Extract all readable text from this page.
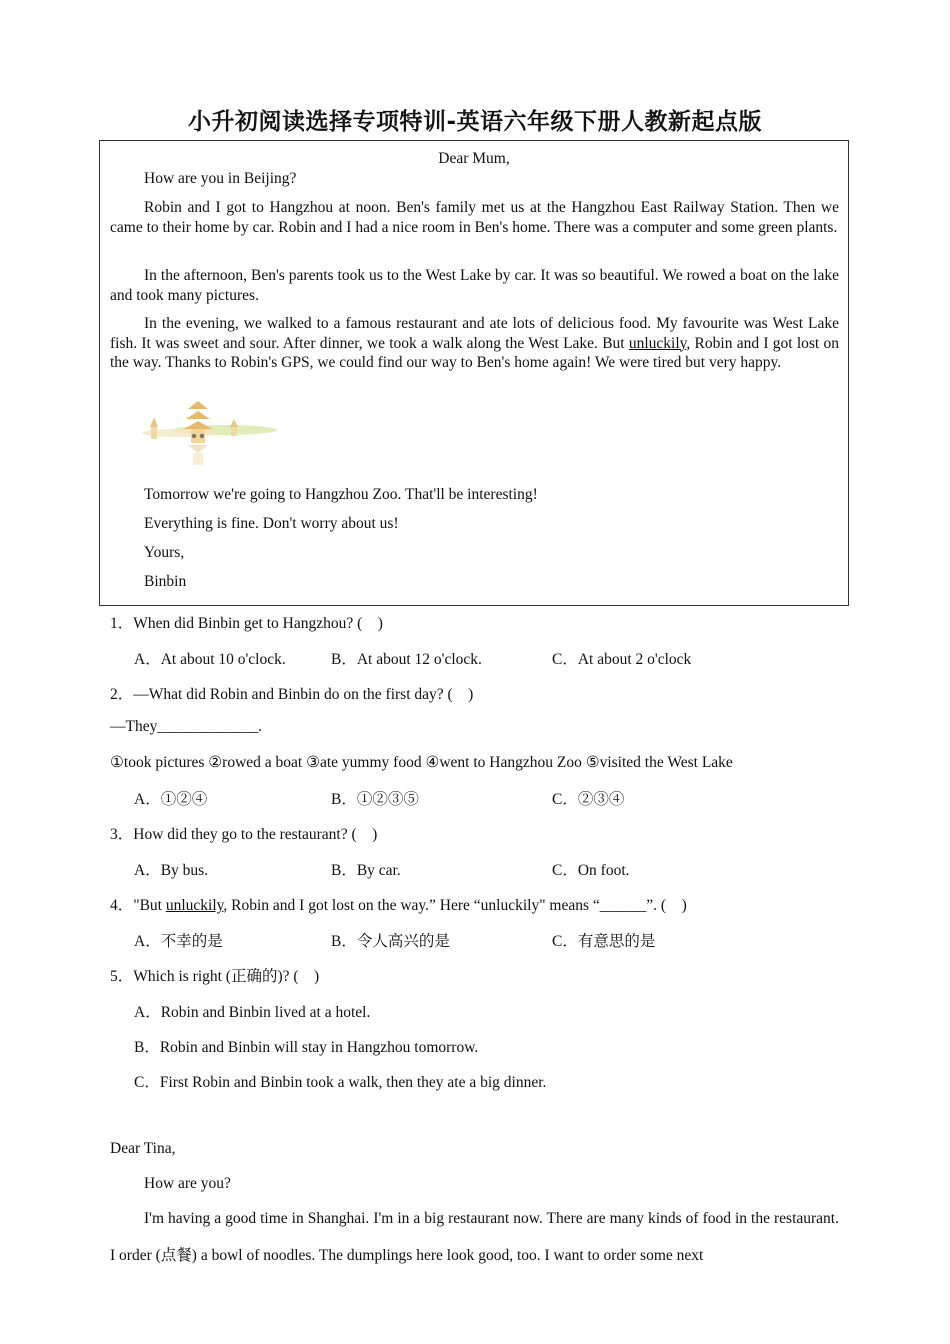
小升初阅读选择专项特训-英语六年级下册人教新起点版
Dear Mum,
How are you in Beijing?
Robin and I got to Hangzhou at noon. Ben's family met us at the Hangzhou East Railway Station. Then we came to their home by car. Robin and I had a nice room in Ben's home. There was a computer and some green plants.
In the afternoon, Ben's parents took us to the West Lake by car. It was so beautiful. We rowed a boat on the lake and took many pictures.
In the evening, we walked to a famous restaurant and ate lots of delicious food. My favourite was West Lake fish. It was sweet and sour. After dinner, we took a walk along the West Lake. But unluckily, Robin and I got lost on the way. Thanks to Robin's GPS, we could find our way to Ben's home again! We were tired but very happy.
Tomorrow we're going to Hangzhou Zoo. That'll be interesting!
Everything is fine. Don't worry about us!
Yours,
Binbin
1．When did Binbin get to Hangzhou? (    )
A．At about 10 o'clock.	B．At about 12 o'clock.	C．At about 2 o'clock
2．—What did Robin and Binbin do on the first day? (    )
—They_____________.
①took pictures ②rowed a boat ③ate yummy food ④went to Hangzhou Zoo ⑤visited the West Lake
A．①②④	B．①②③⑤	C．②③④
3．How did they go to the restaurant? (    )
A．By bus.	B．By car.	C．On foot.
4．"But unluckily, Robin and I got lost on the way.” Here “unluckily" means “______”. (    )
A．不幸的是	B．令人高兴的是	C．有意思的是
5．Which is right (正确的)? (    )
A．Robin and Binbin lived at a hotel.
B．Robin and Binbin will stay in Hangzhou tomorrow.
C．First Robin and Binbin took a walk, then they ate a big dinner.
Dear Tina,
How are you?
I'm having a good time in Shanghai. I'm in a big restaurant now. There are many kinds of food in the restaurant. I order (点餐) a bowl of noodles. The dumplings here look good, too. I want to order some next
